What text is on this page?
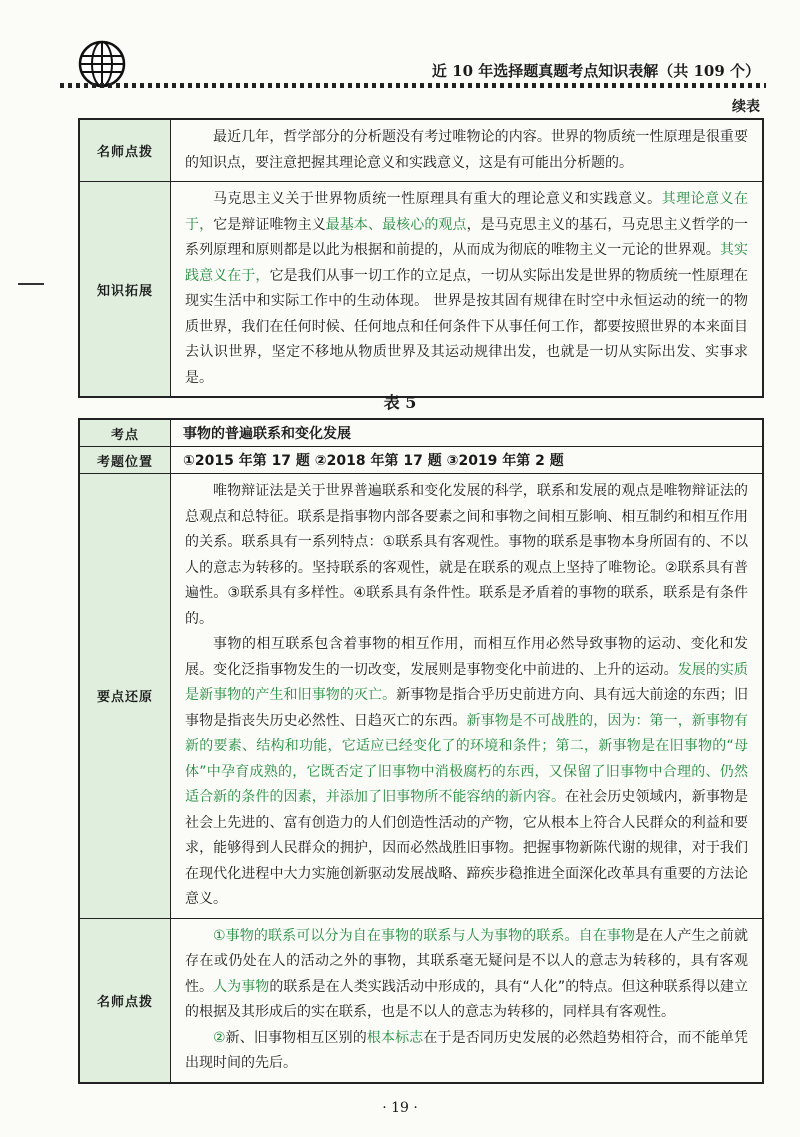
近 10 年选择题真题考点知识表解（共 109 个）
续表
名师点拨	最近几年，哲学部分的分析题没有考过唯物论的内容。世界的物质统一性原理是很重要的知识点，要注意把握其理论意义和实践意义，这是有可能出分析题的。

知识拓展	马克思主义关于世界物质统一性原理具有重大的理论意义和实践意义。其理论意义在于，它是辩证唯物主义最基本、最核心的观点，是马克思主义的基石，马克思主义哲学的一系列原理和原则都是以此为根据和前提的，从而成为彻底的唯物主义一元论的世界观。其实践意义在于，它是我们从事一切工作的立足点，一切从实际出发是世界的物质统一性原理在现实生活中和实际工作中的生动体现。 世界是按其固有规律在时空中永恒运动的统一的物质世界，我们在任何时候、任何地点和任何条件下从事任何工作，都要按照世界的本来面目去认识世界，坚定不移地从物质世界及其运动规律出发，也就是一切从实际出发、实事求是。

表 5
考点	事物的普遍联系和变化发展
考题位置	①2015 年第 17 题 ②2018 年第 17 题 ③2019 年第 2 题
要点还原	唯物辩证法是关于世界普遍联系和变化发展的科学，联系和发展的观点是唯物辩证法的总观点和总特征。联系是指事物内部各要素之间和事物之间相互影响、相互制约和相互作用的关系。联系具有一系列特点：①联系具有客观性。事物的联系是事物本身所固有的、不以人的意志为转移的。坚持联系的客观性，就是在联系的观点上坚持了唯物论。②联系具有普遍性。③联系具有多样性。④联系具有条件性。联系是矛盾着的事物的联系，联系是有条件的。

事物的相互联系包含着事物的相互作用，而相互作用必然导致事物的运动、变化和发展。变化泛指事物发生的一切改变，发展则是事物变化中前进的、上升的运动。发展的实质是新事物的产生和旧事物的灭亡。新事物是指合乎历史前进方向、具有远大前途的东西；旧事物是指丧失历史必然性、日趋灭亡的东西。新事物是不可战胜的，因为：第一，新事物有新的要素、结构和功能，它适应已经变化了的环境和条件；第二，新事物是在旧事物的“母体”中孕育成熟的，它既否定了旧事物中消极腐朽的东西，又保留了旧事物中合理的、仍然适合新的条件的因素，并添加了旧事物所不能容纳的新内容。在社会历史领域内，新事物是社会上先进的、富有创造力的人们创造性活动的产物，它从根本上符合人民群众的利益和要求，能够得到人民群众的拥护，因而必然战胜旧事物。把握事物新陈代谢的规律，对于我们在现代化进程中大力实施创新驱动发展战略、蹄疾步稳推进全面深化改革具有重要的方法论意义。

名师点拨	①事物的联系可以分为自在事物的联系与人为事物的联系。自在事物是在人产生之前就存在或仍处在人的活动之外的事物，其联系毫无疑问是不以人的意志为转移的，具有客观性。人为事物的联系是在人类实践活动中形成的，具有“人化”的特点。但这种联系得以建立的根据及其形成后的实在联系，也是不以人的意志为转移的，同样具有客观性。

②新、旧事物相互区别的根本标志在于是否同历史发展的必然趋势相符合，而不能单凭出现时间的先后。

· 19 ·
